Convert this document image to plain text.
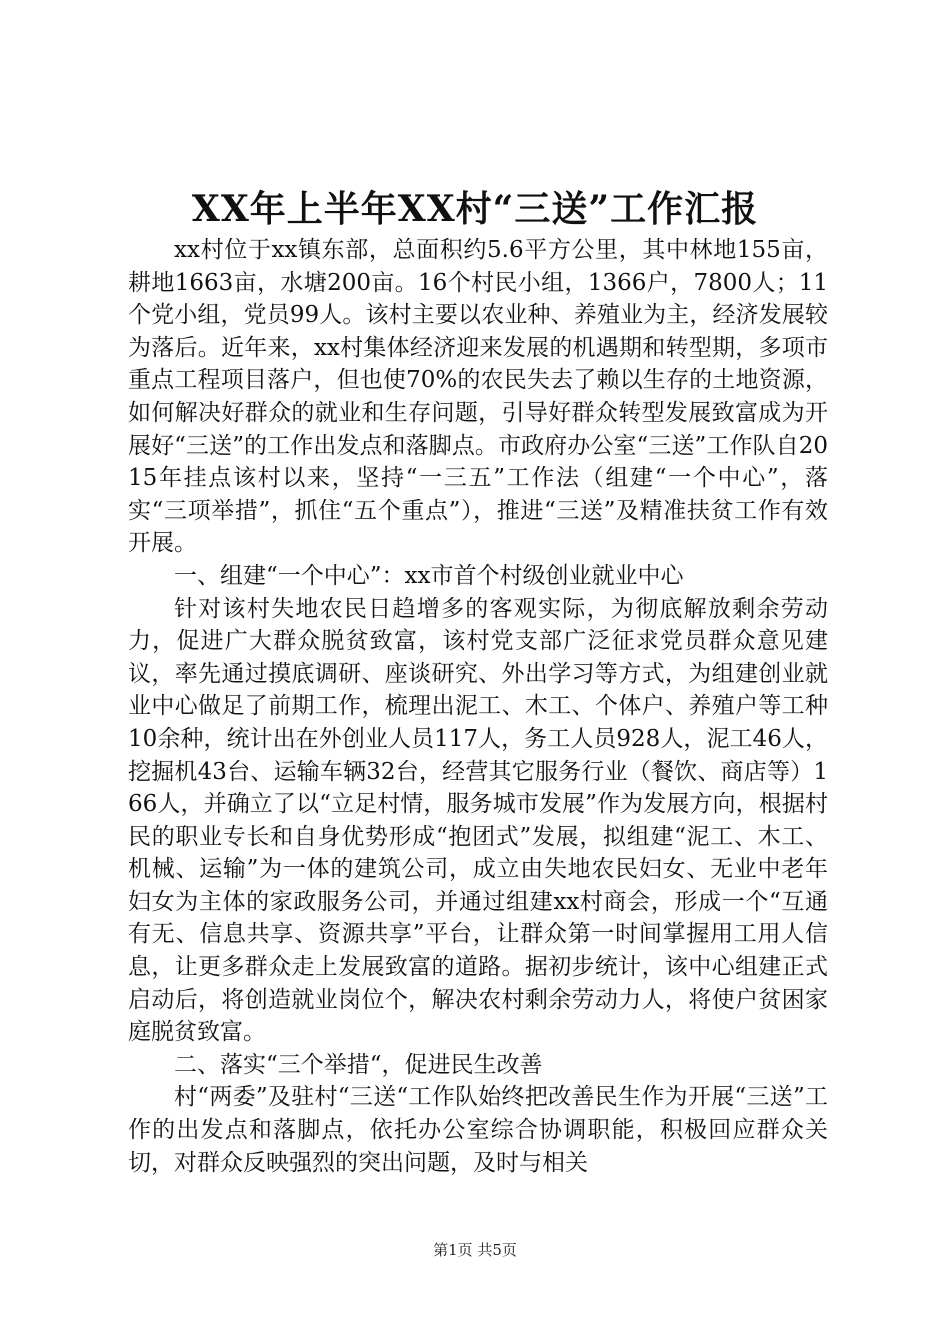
XX年上半年XX村“三送”工作汇报

xx村位于xx镇东部，总面积约5.6平方公里，其中林地155亩，耕地1663亩，水塘200亩。16个村民小组，1366户，7800人；11个党小组，党员99人。该村主要以农业种、养殖业为主，经济发展较为落后。近年来，xx村集体经济迎来发展的机遇期和转型期，多项市重点工程项目落户，但也使70%的农民失去了赖以生存的土地资源，如何解决好群众的就业和生存问题，引导好群众转型发展致富成为开展好“三送”的工作出发点和落脚点。市政府办公室“三送”工作队自2015年挂点该村以来，坚持“一三五”工作法（组建“一个中心”，落实“三项举措”，抓住“五个重点”），推进“三送”及精准扶贫工作有效开展。

一、组建“一个中心”：xx市首个村级创业就业中心

针对该村失地农民日趋增多的客观实际，为彻底解放剩余劳动力，促进广大群众脱贫致富，该村党支部广泛征求党员群众意见建议，率先通过摸底调研、座谈研究、外出学习等方式，为组建创业就业中心做足了前期工作，梳理出泥工、木工、个体户、养殖户等工种10余种，统计出在外创业人员117人，务工人员928人，泥工46人，挖掘机43台、运输车辆32台，经营其它服务行业（餐饮、商店等）166人，并确立了以“立足村情，服务城市发展”作为发展方向，根据村民的职业专长和自身优势形成“抱团式”发展，拟组建“泥工、木工、机械、运输”为一体的建筑公司，成立由失地农民妇女、无业中老年妇女为主体的家政服务公司，并通过组建xx村商会，形成一个“互通有无、信息共享、资源共享”平台，让群众第一时间掌握用工用人信息，让更多群众走上发展致富的道路。据初步统计，该中心组建正式启动后，将创造就业岗位个，解决农村剩余劳动力人，将使户贫困家庭脱贫致富。

二、落实“三个举措“，促进民生改善

村“两委”及驻村“三送“工作队始终把改善民生作为开展“三送”工作的出发点和落脚点，依托办公室综合协调职能，积极回应群众关切，对群众反映强烈的突出问题，及时与相关

第1页 共5页
